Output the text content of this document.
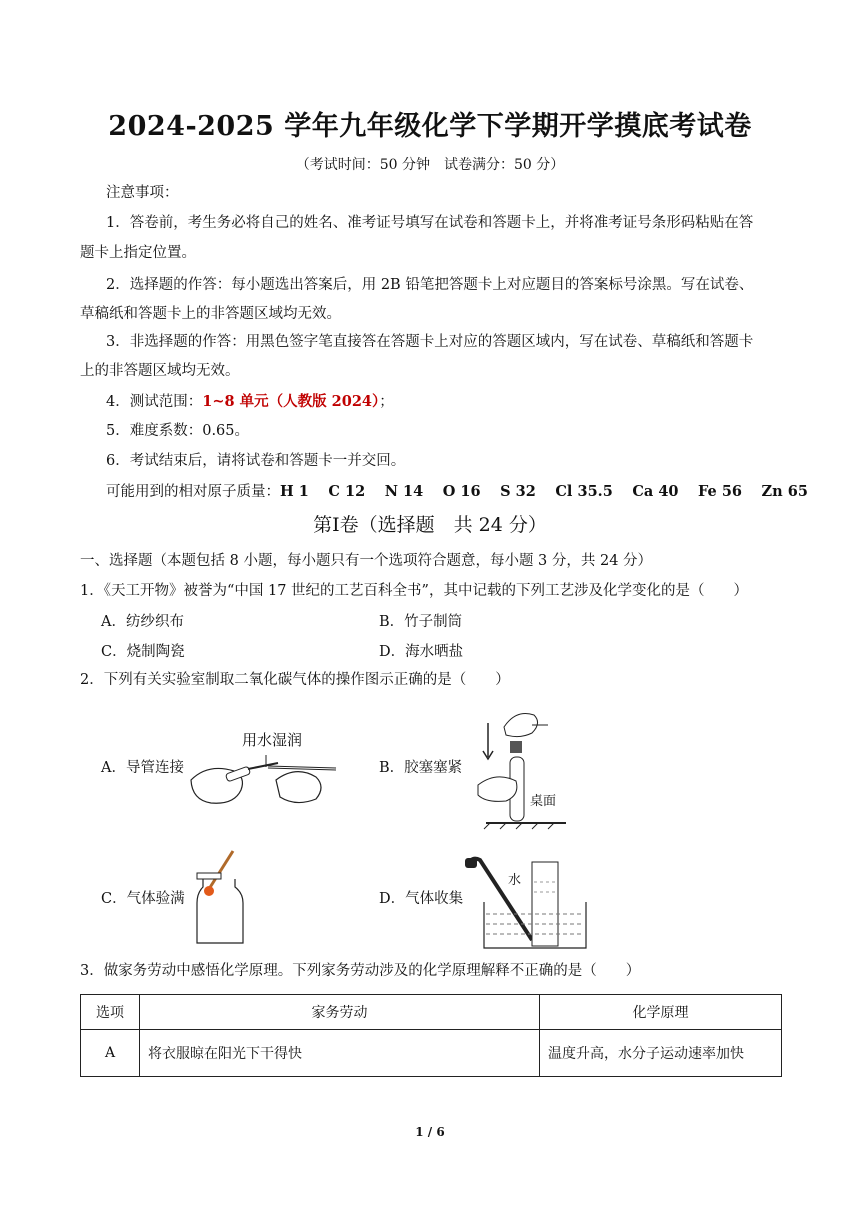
2024-2025 学年九年级化学下学期开学摸底考试卷
（考试时间：50 分钟　试卷满分：50 分）
注意事项：
1．答卷前，考生务必将自己的姓名、准考证号填写在试卷和答题卡上，并将准考证号条形码粘贴在答
题卡上指定位置。
2．选择题的作答：每小题选出答案后，用 2B 铅笔把答题卡上对应题目的答案标号涂黑。写在试卷、
草稿纸和答题卡上的非答题区域均无效。
3．非选择题的作答：用黑色签字笔直接答在答题卡上对应的答题区域内，写在试卷、草稿纸和答题卡
上的非答题区域均无效。
4．测试范围：1~8 单元（人教版 2024）；
5．难度系数：0.65。
6．考试结束后，请将试卷和答题卡一并交回。
可能用到的相对原子质量：H 1　 C 12　 N 14　 O 16　 S 32　 Cl 35.5　 Ca 40　 Fe 56　 Zn 65
第Ⅰ卷（选择题　共 24 分）
一、选择题（本题包括 8 小题，每小题只有一个选项符合题意，每小题 3 分，共 24 分）
1．《天工开物》被誉为“中国 17 世纪的工艺百科全书”，其中记载的下列工艺涉及化学变化的是（　　）
A．纺纱织布	B．竹子制筒
C．烧制陶瓷	D．海水晒盐
2．下列有关实验室制取二氧化碳气体的操作图示正确的是（　　）
A．导管连接	B．胶塞塞紧
C．气体验满	D．气体收集
用水湿润
桌面
水
3．做家务劳动中感悟化学原理。下列家务劳动涉及的化学原理解释不正确的是（　　）
选项	家务劳动	化学原理
A	将衣服晾在阳光下干得快	温度升高，水分子运动速率加快
1 / 6
